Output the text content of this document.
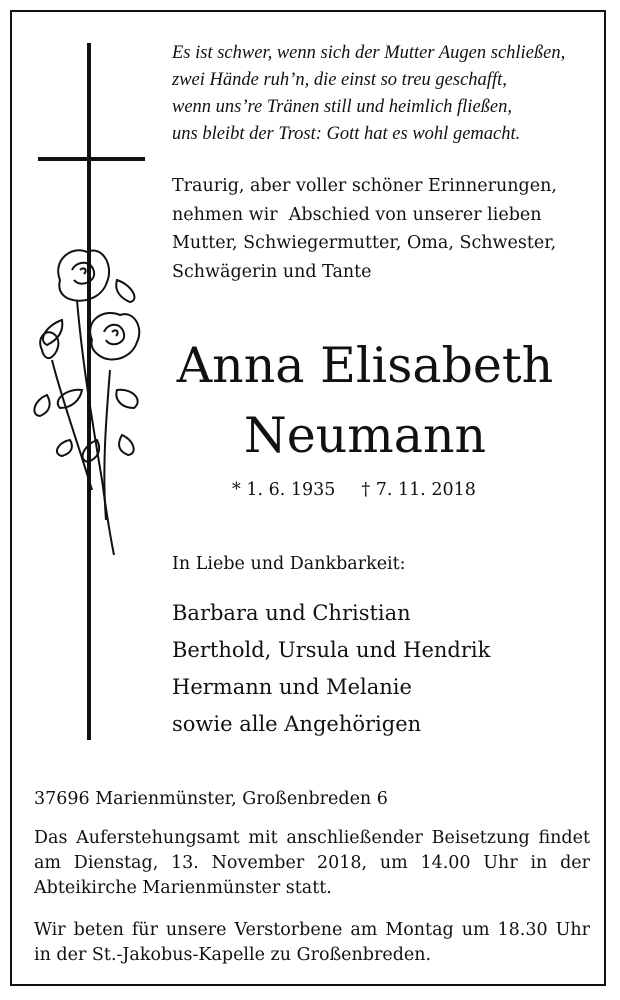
Es ist schwer, wenn sich der Mutter Augen schließen,
zwei Hände ruh’n, die einst so treu geschafft,
wenn uns’re Tränen still und heimlich fließen,
uns bleibt der Trost: Gott hat es wohl gemacht.
Traurig, aber voller schöner Erinnerungen,
nehmen wir  Abschied von unserer lieben
Mutter, Schwiegermutter, Oma, Schwester,
Schwägerin und Tante
Anna Elisabeth
Neumann
* 1. 6. 1935 † 7. 11. 2018
In Liebe und Dankbarkeit:
Barbara und Christian
Berthold, Ursula und Hendrik
Hermann und Melanie
sowie alle Angehörigen
37696 Marienmünster, Großenbreden 6
Das Auferstehungsamt mit anschließender Beisetzung findet am Dienstag, 13. November 2018, um 14.00 Uhr in der Abteikirche Marienmünster statt.
Wir beten für unsere Verstorbene am Montag um 18.30 Uhr in der St.-Jakobus-Kapelle zu Großenbreden.
